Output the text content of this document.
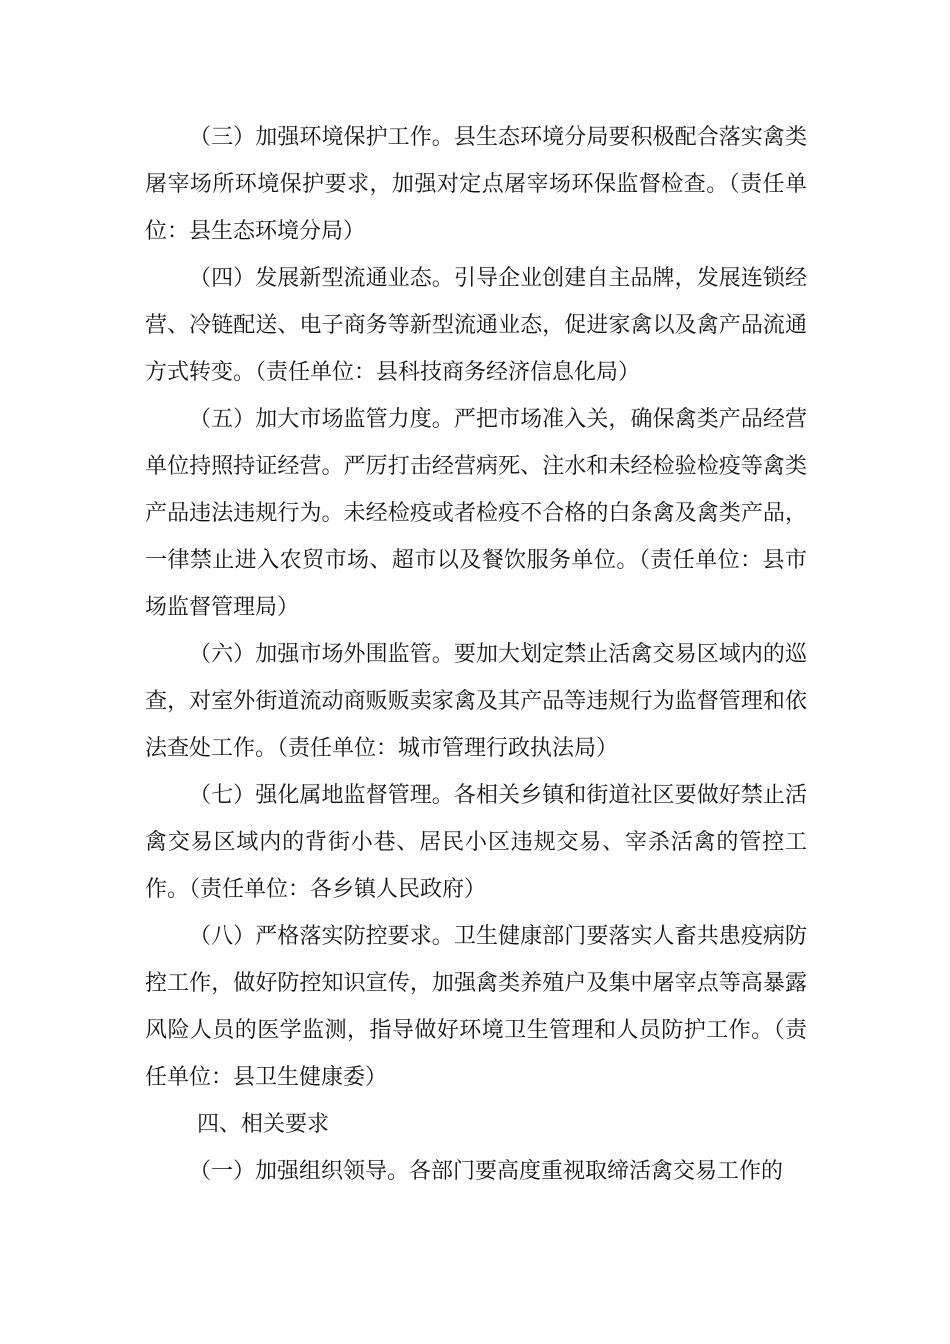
（三）加强环境保护工作。县生态环境分局要积极配合落实禽类屠宰场所环境保护要求，加强对定点屠宰场环保监督检查。（责任单位：县生态环境分局）

（四）发展新型流通业态。引导企业创建自主品牌，发展连锁经营、冷链配送、电子商务等新型流通业态，促进家禽以及禽产品流通方式转变。（责任单位：县科技商务经济信息化局）

（五）加大市场监管力度。严把市场准入关，确保禽类产品经营单位持照持证经营。严厉打击经营病死、注水和未经检验检疫等禽类产品违法违规行为。未经检疫或者检疫不合格的白条禽及禽类产品，一律禁止进入农贸市场、超市以及餐饮服务单位。（责任单位：县市场监督管理局）

（六）加强市场外围监管。要加大划定禁止活禽交易区域内的巡查，对室外街道流动商贩贩卖家禽及其产品等违规行为监督管理和依法查处工作。（责任单位：城市管理行政执法局）

（七）强化属地监督管理。各相关乡镇和街道社区要做好禁止活禽交易区域内的背街小巷、居民小区违规交易、宰杀活禽的管控工作。（责任单位：各乡镇人民政府）

（八）严格落实防控要求。卫生健康部门要落实人畜共患疫病防控工作，做好防控知识宣传，加强禽类养殖户及集中屠宰点等高暴露风险人员的医学监测，指导做好环境卫生管理和人员防护工作。（责任单位：县卫生健康委）

四、相关要求

（一）加强组织领导。各部门要高度重视取缔活禽交易工作的
